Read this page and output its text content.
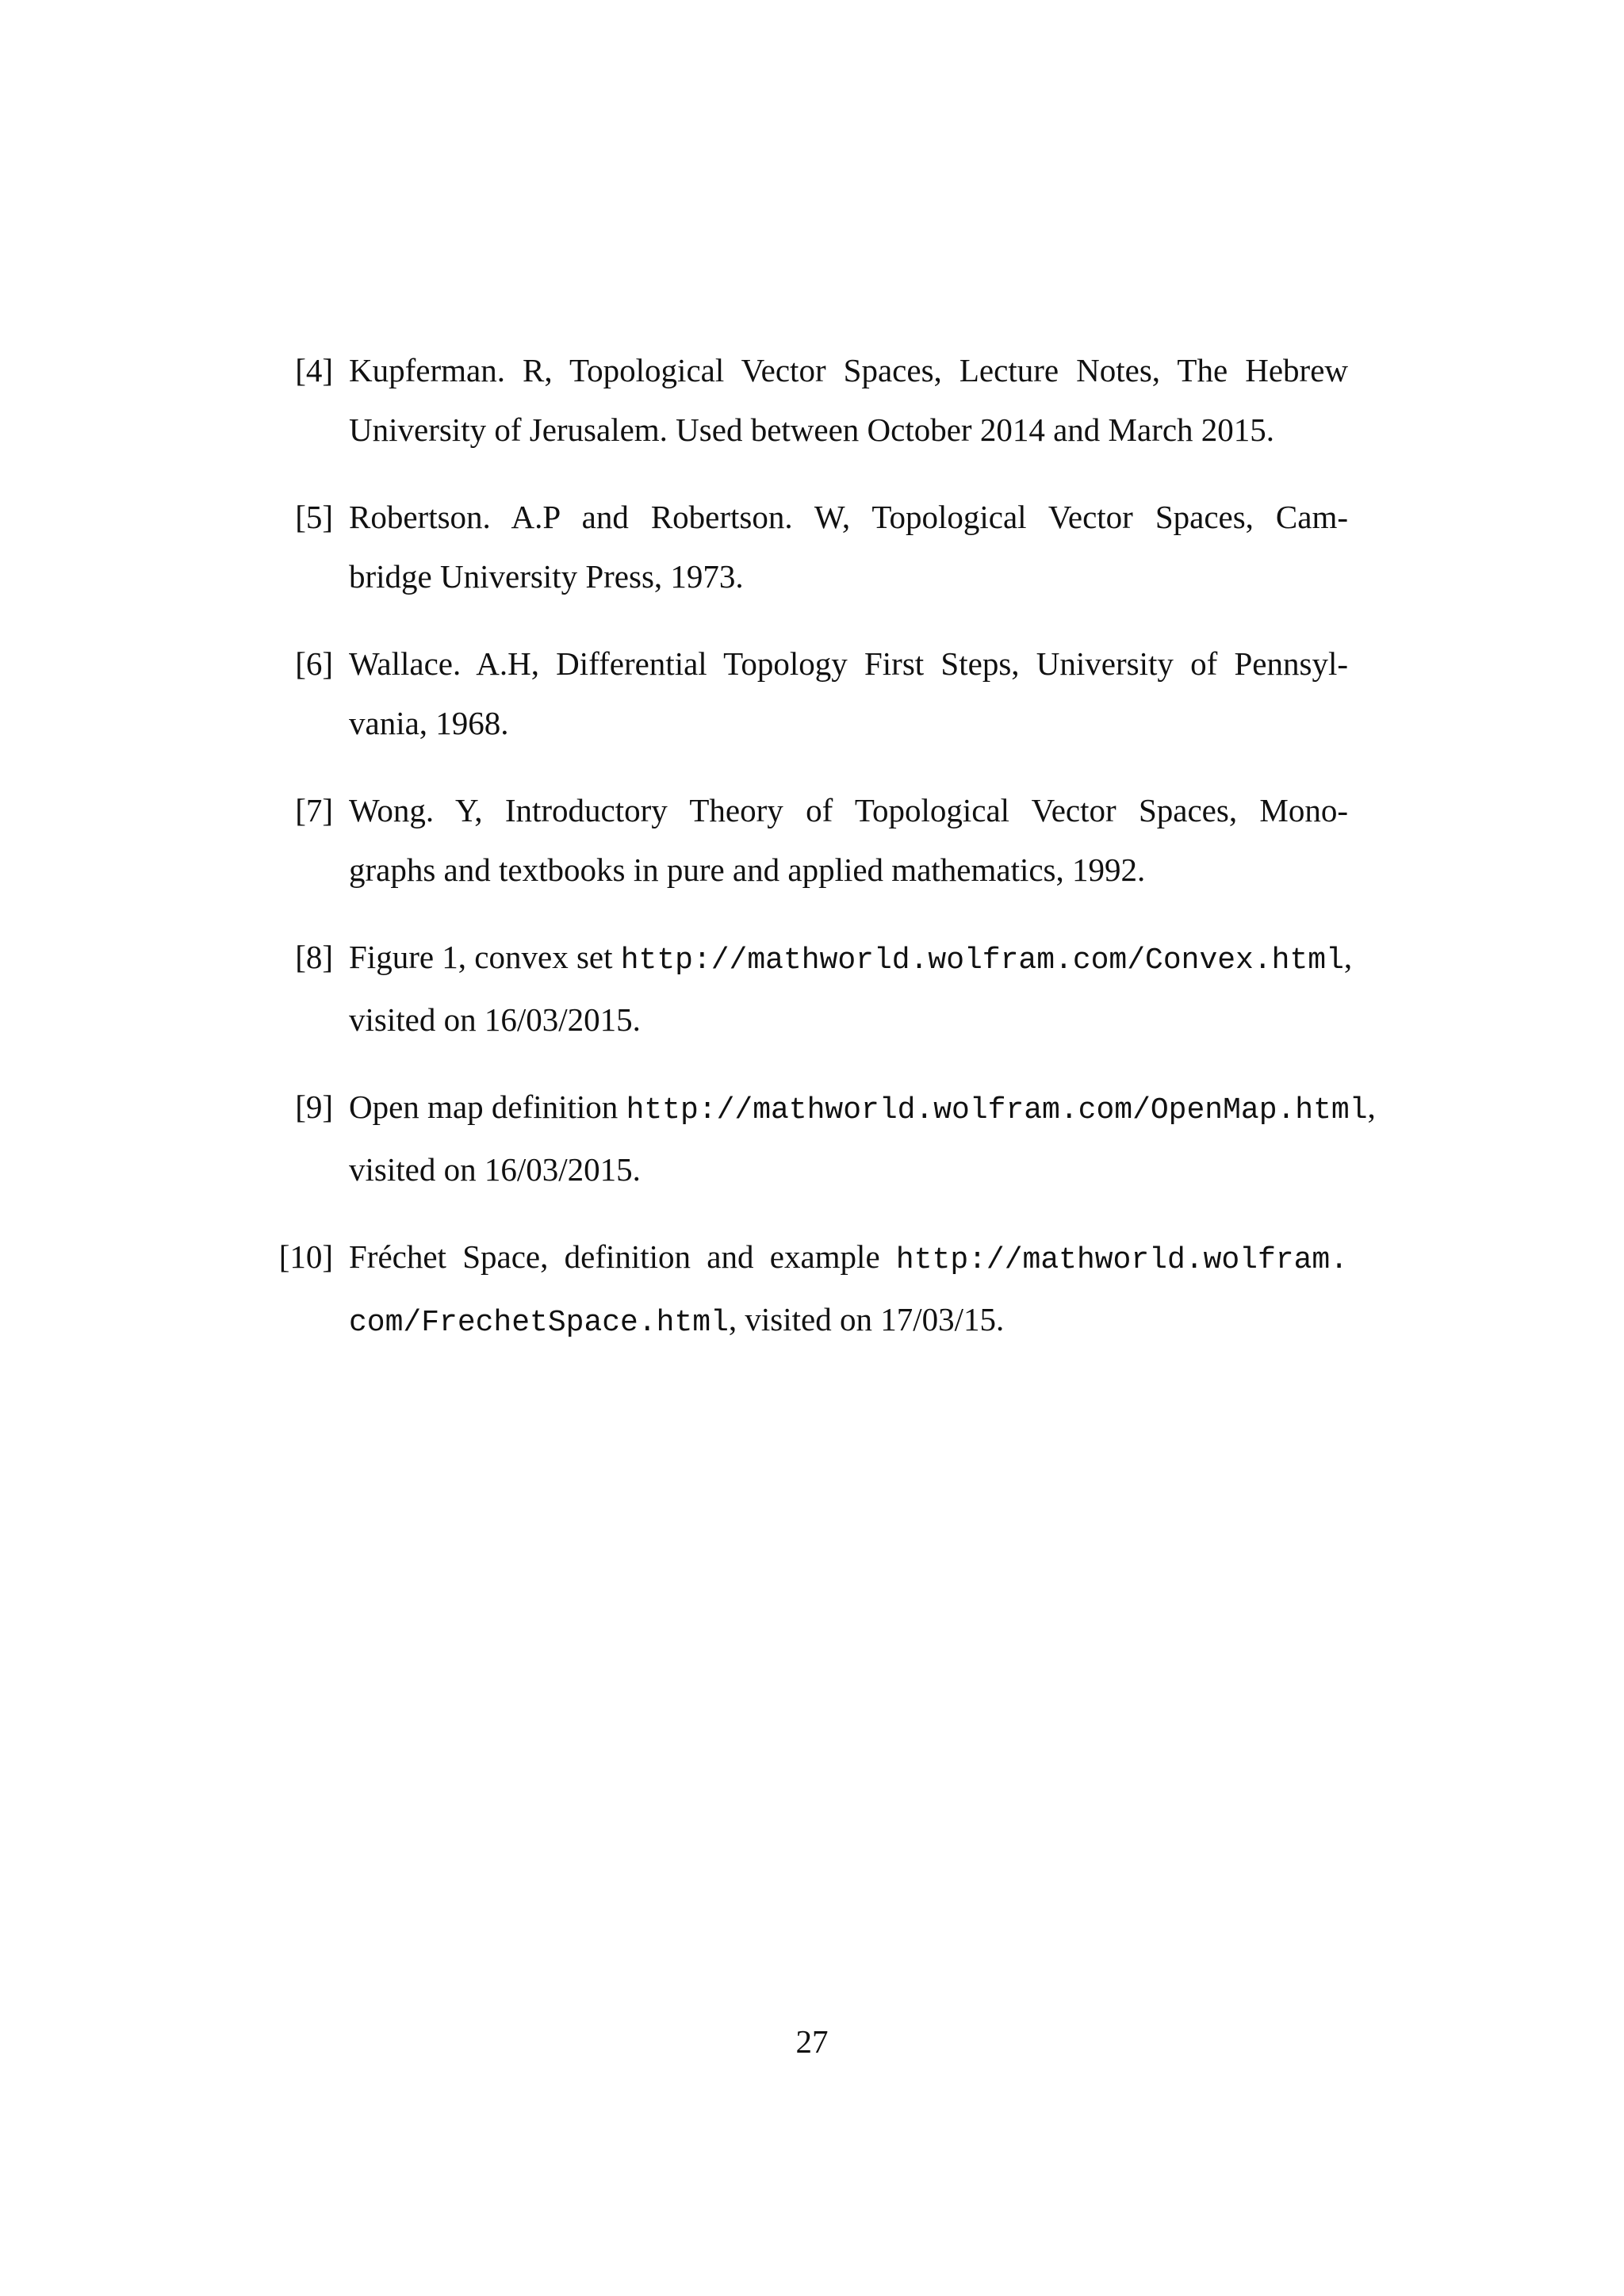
[4] Kupferman. R, Topological Vector Spaces, Lecture Notes, The Hebrew
University of Jerusalem. Used between October 2014 and March 2015.
[5] Robertson. A.P and Robertson. W, Topological Vector Spaces, Cam-
bridge University Press, 1973.
[6] Wallace. A.H, Differential Topology First Steps, University of Pennsyl-
vania, 1968.
[7] Wong. Y, Introductory Theory of Topological Vector Spaces, Mono-
graphs and textbooks in pure and applied mathematics, 1992.
[8] Figure 1, convex set http://mathworld.wolfram.com/Convex.html,
visited on 16/03/2015.
[9] Open map definition http://mathworld.wolfram.com/OpenMap.html,
visited on 16/03/2015.
[10] Fréchet Space, definition and example http://mathworld.wolfram.
com/FrechetSpace.html, visited on 17/03/15.
27
